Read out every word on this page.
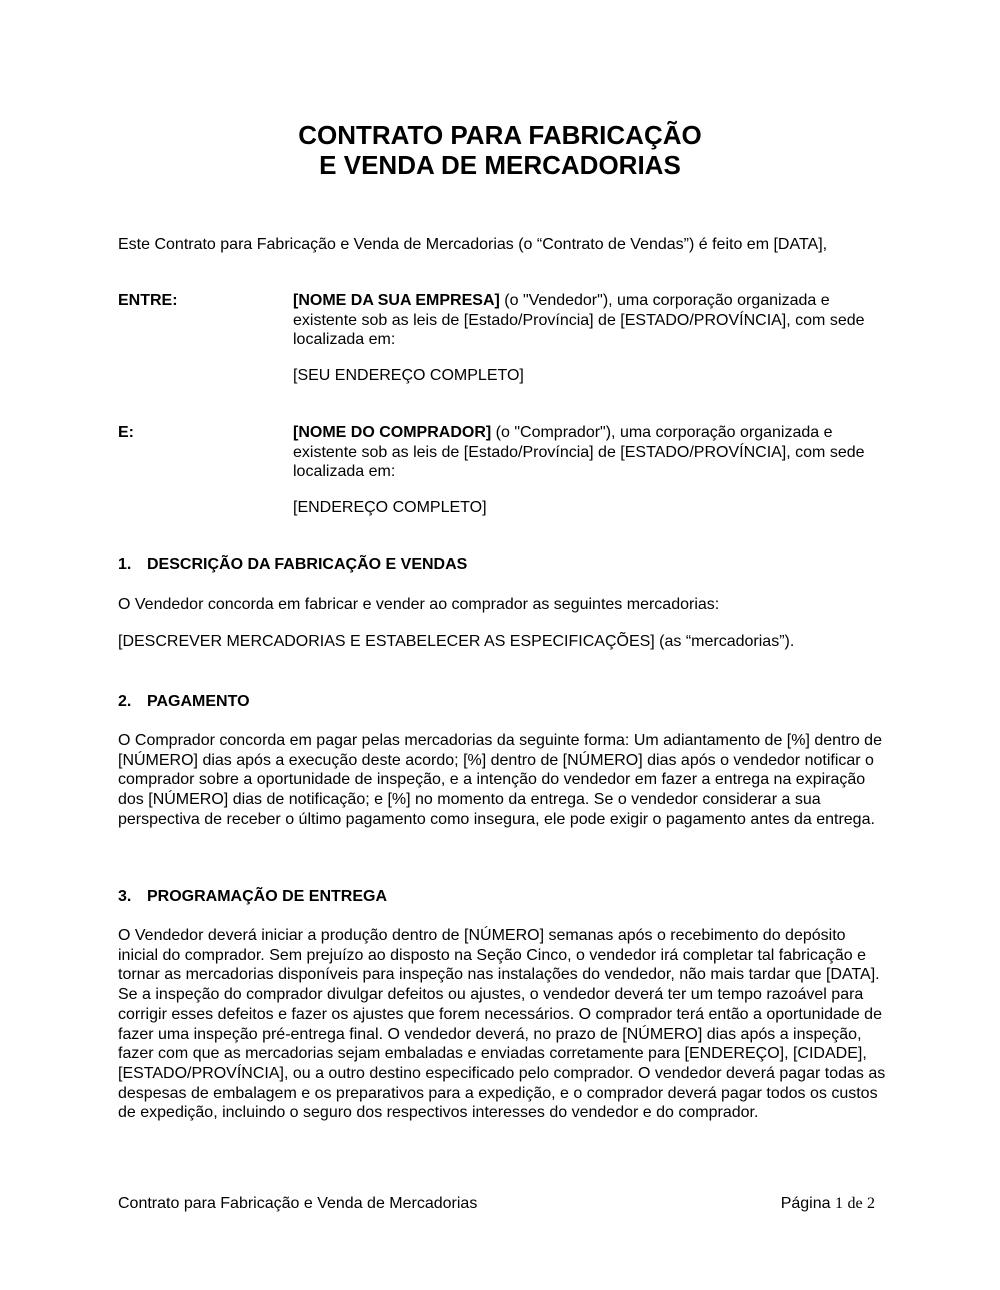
CONTRATO PARA FABRICAÇÃO
E VENDA DE MERCADORIAS

Este Contrato para Fabricação e Venda de Mercadorias (o “Contrato de Vendas”) é feito em [DATA],

ENTRE:	[NOME DA SUA EMPRESA] (o "Vendedor"), uma corporação organizada e existente sob as leis de [Estado/Província] de [ESTADO/PROVÍNCIA], com sede localizada em:

[SEU ENDEREÇO COMPLETO]

E:	[NOME DO COMPRADOR] (o "Comprador"), uma corporação organizada e existente sob as leis de [Estado/Província] de [ESTADO/PROVÍNCIA], com sede localizada em:

[ENDEREÇO COMPLETO]

1. DESCRIÇÃO DA FABRICAÇÃO E VENDAS

O Vendedor concorda em fabricar e vender ao comprador as seguintes mercadorias:

[DESCREVER MERCADORIAS E ESTABELECER AS ESPECIFICAÇÕES] (as “mercadorias”).

2. PAGAMENTO

O Comprador concorda em pagar pelas mercadorias da seguinte forma: Um adiantamento de [%] dentro de [NÚMERO] dias após a execução deste acordo; [%] dentro de [NÚMERO] dias após o vendedor notificar o comprador sobre a oportunidade de inspeção, e a intenção do vendedor em fazer a entrega na expiração dos [NÚMERO] dias de notificação; e [%] no momento da entrega. Se o vendedor considerar a sua perspectiva de receber o último pagamento como insegura, ele pode exigir o pagamento antes da entrega.

3. PROGRAMAÇÃO DE ENTREGA

O Vendedor deverá iniciar a produção dentro de [NÚMERO] semanas após o recebimento do depósito inicial do comprador. Sem prejuízo ao disposto na Seção Cinco, o vendedor irá completar tal fabricação e tornar as mercadorias disponíveis para inspeção nas instalações do vendedor, não mais tardar que [DATA]. Se a inspeção do comprador divulgar defeitos ou ajustes, o vendedor deverá ter um tempo razoável para corrigir esses defeitos e fazer os ajustes que forem necessários. O comprador terá então a oportunidade de fazer uma inspeção pré-entrega final. O vendedor deverá, no prazo de [NÚMERO] dias após a inspeção, fazer com que as mercadorias sejam embaladas e enviadas corretamente para [ENDEREÇO], [CIDADE], [ESTADO/PROVÍNCIA], ou a outro destino especificado pelo comprador. O vendedor deverá pagar todas as despesas de embalagem e os preparativos para a expedição, e o comprador deverá pagar todos os custos de expedição, incluindo o seguro dos respectivos interesses do vendedor e do comprador.

Contrato para Fabricação e Venda de Mercadorias	Página 1 de 2
